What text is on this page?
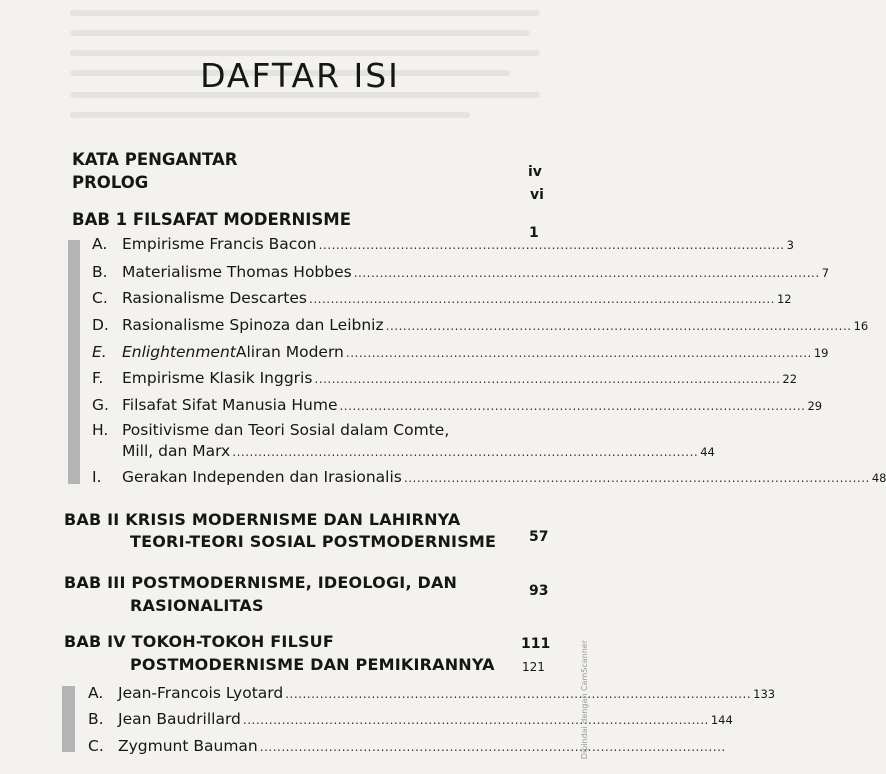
DAFTAR ISI
KATA PENGANTAR
iv
PROLOG
vi
BAB 1 FILSAFAT MODERNISME
1
A. Empirisme Francis Bacon ............................................................................................................ 3
B. Materialisme Thomas Hobbes ............................................................................................................ 7
C. Rasionalisme Descartes ............................................................................................................ 12
D. Rasionalisme Spinoza dan Leibniz ............................................................................................................ 16
E. Enlightenment Aliran Modern ............................................................................................................ 19
F.	Empirisme Klasik Inggris ............................................................................................................ 22
G. Filsafat Sifat Manusia Hume ............................................................................................................ 29
H. Positivisme dan Teori Sosial dalam Comte,
Mill, dan Marx ............................................................................................................ 44
I.	Gerakan Independen dan Irasionalis ............................................................................................................ 48
BAB II KRISIS MODERNISME DAN LAHIRNYA
TEORI-TEORI SOSIAL POSTMODERNISME 57
BAB III POSTMODERNISME, IDEOLOGI, DAN
RASIONALITAS
93
BAB IV TOKOH-TOKOH FILSUF
POSTMODERNISME DAN PEMIKIRANNYA
111
121
A. Jean-Francois Lyotard ............................................................................................................ 133
B. Jean Baudrillard ............................................................................................................ 144
C. Zygmunt Bauman ............................................................................................................
Dipindai dengan CamScanner
